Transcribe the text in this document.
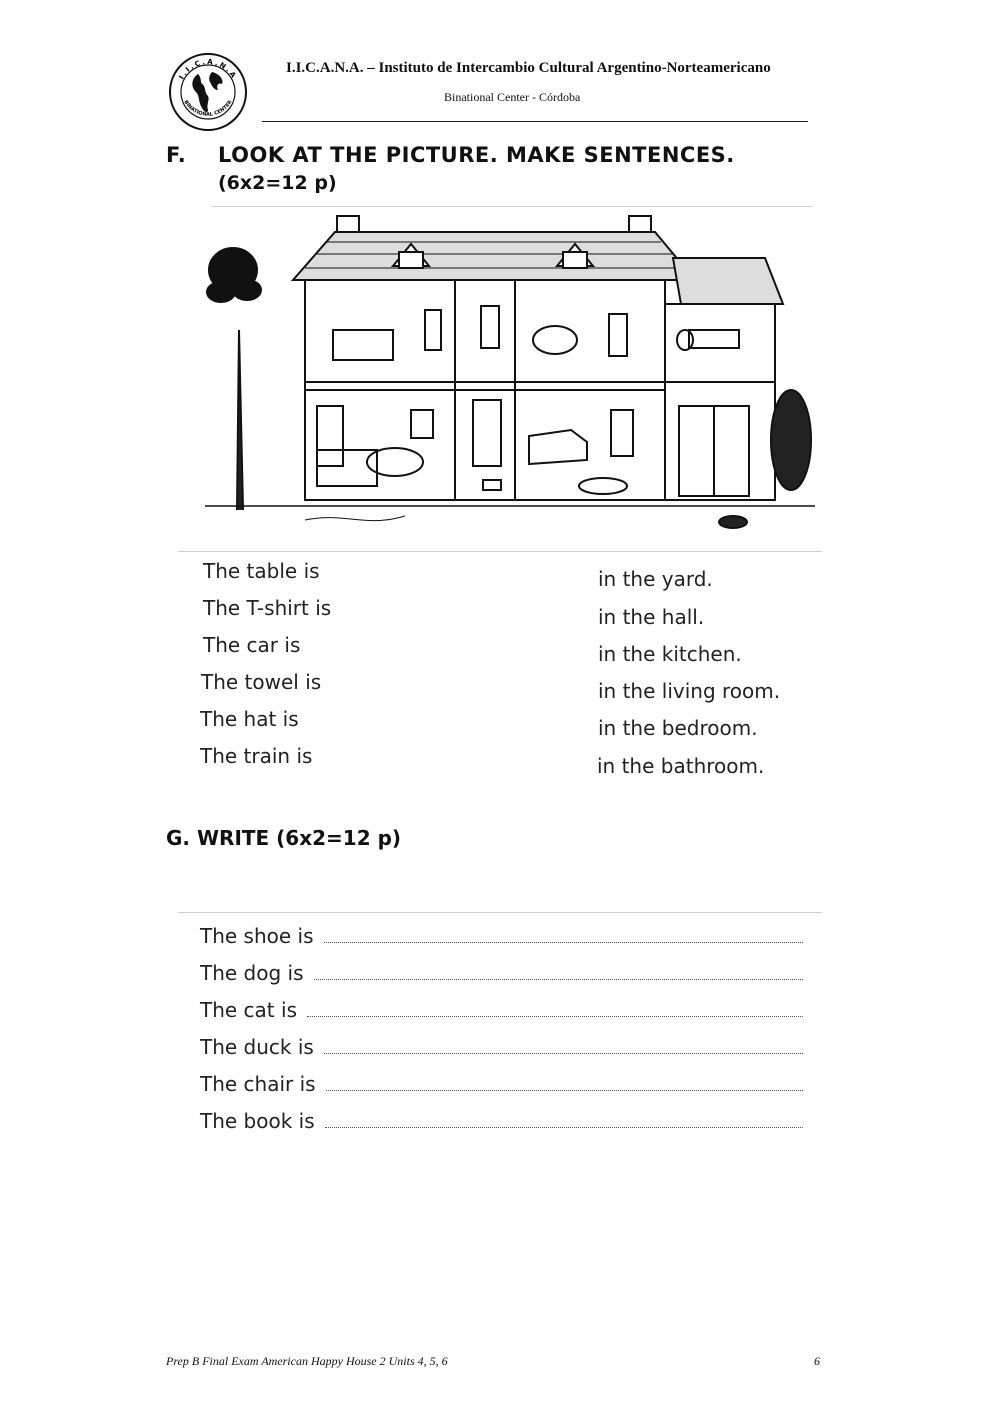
I.I.C.A.N.A
BINATIONAL CENTER
I.I.C.A.N.A. – Instituto de Intercambio Cultural Argentino-Norteamericano
Binational Center - Córdoba
F. LOOK AT THE PICTURE. MAKE SENTENCES.
(6x2=12 p)
The table is
The T-shirt is
The car is
The towel is
The hat is
The train is
in the yard.
in the hall.
in the kitchen.
in the living room.
in the bedroom.
in the bathroom.
G. WRITE (6x2=12 p)
The shoe is
The dog is
The cat is
The duck is
The chair is
The book is
Prep B Final Exam American Happy House 2 Units 4, 5, 6	6
